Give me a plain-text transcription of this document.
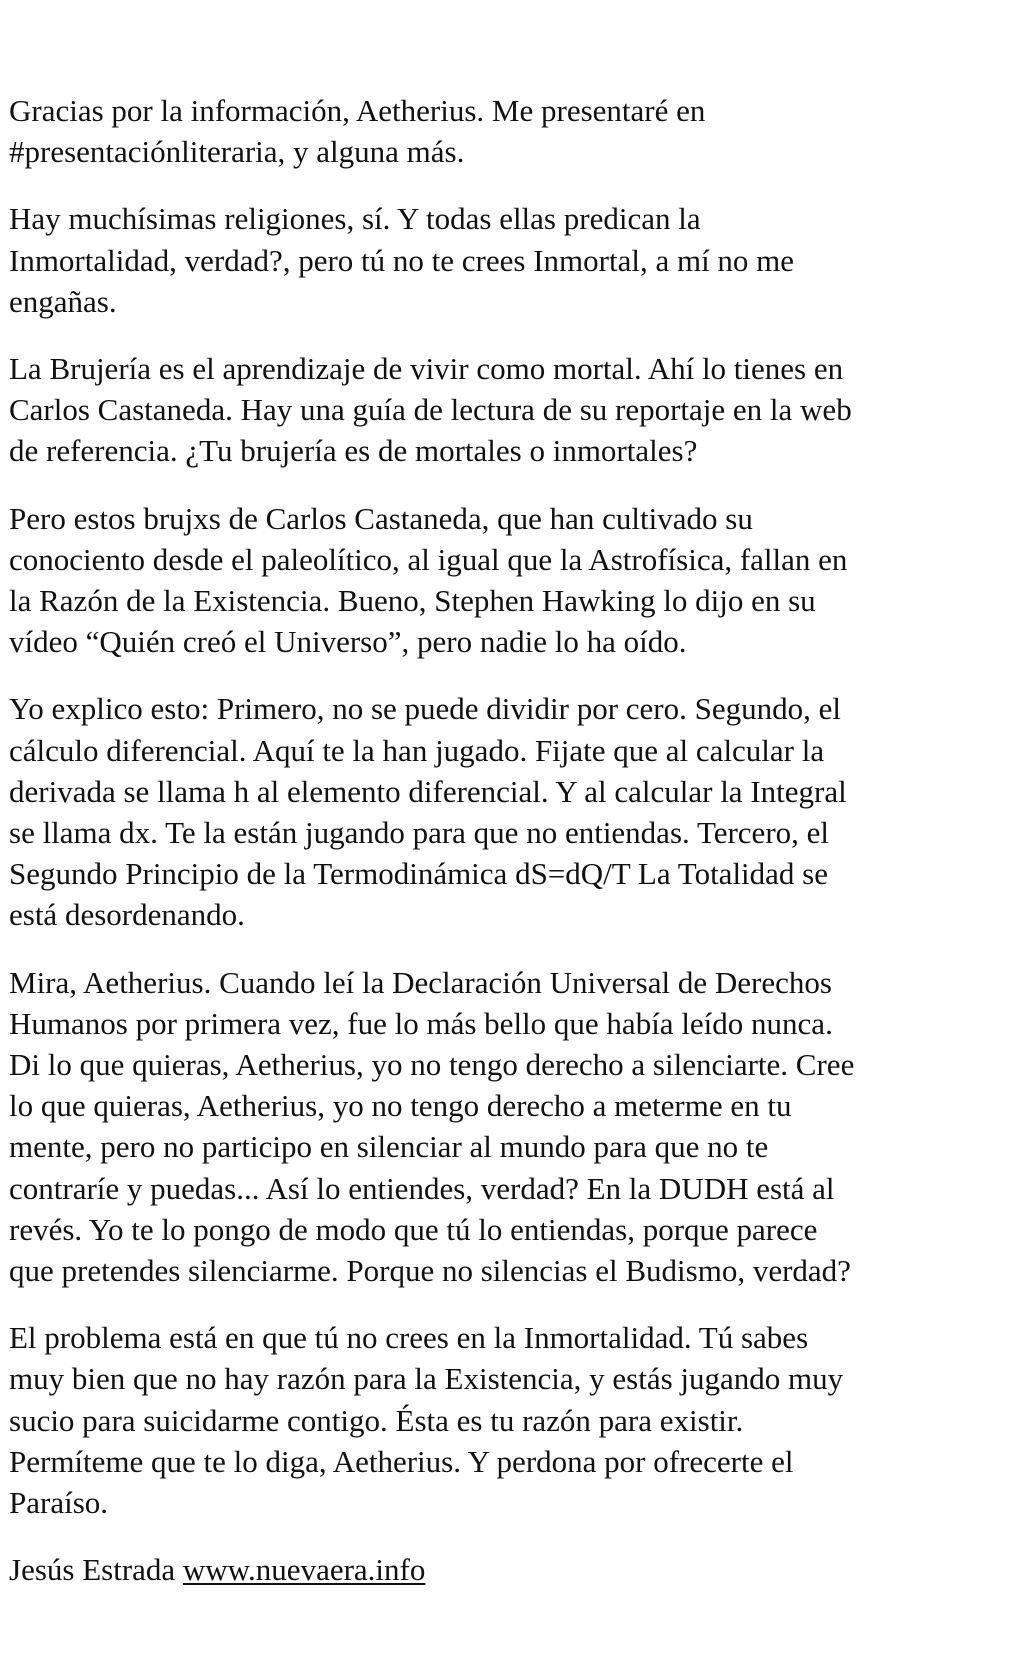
Gracias por la información, Aetherius. Me presentaré en
#presentaciónliteraria, y alguna más.

Hay muchísimas religiones, sí. Y todas ellas predican la
Inmortalidad, verdad?, pero tú no te crees Inmortal, a mí no me
engañas.

La Brujería es el aprendizaje de vivir como mortal. Ahí lo tienes en
Carlos Castaneda. Hay una guía de lectura de su reportaje en la web
de referencia. ¿Tu brujería es de mortales o inmortales?

Pero estos brujxs de Carlos Castaneda, que han cultivado su
conociento desde el paleolítico, al igual que la Astrofísica, fallan en
la Razón de la Existencia. Bueno, Stephen Hawking lo dijo en su
vídeo “Quién creó el Universo”, pero nadie lo ha oído.

Yo explico esto: Primero, no se puede dividir por cero. Segundo, el
cálculo diferencial. Aquí te la han jugado. Fijate que al calcular la
derivada se llama h al elemento diferencial. Y al calcular la Integral
se llama dx. Te la están jugando para que no entiendas. Tercero, el
Segundo Principio de la Termodinámica dS=dQ/T La Totalidad se
está desordenando.

Mira, Aetherius. Cuando leí la Declaración Universal de Derechos
Humanos por primera vez, fue lo más bello que había leído nunca.
Di lo que quieras, Aetherius, yo no tengo derecho a silenciarte. Cree
lo que quieras, Aetherius, yo no tengo derecho a meterme en tu
mente, pero no participo en silenciar al mundo para que no te
contraríe y puedas... Así lo entiendes, verdad? En la DUDH está al
revés. Yo te lo pongo de modo que tú lo entiendas, porque parece
que pretendes silenciarme. Porque no silencias el Budismo, verdad?

El problema está en que tú no crees en la Inmortalidad. Tú sabes
muy bien que no hay razón para la Existencia, y estás jugando muy
sucio para suicidarme contigo. Ésta es tu razón para existir.
Permíteme que te lo diga, Aetherius. Y perdona por ofrecerte el
Paraíso.

Jesús Estrada www.nuevaera.info
